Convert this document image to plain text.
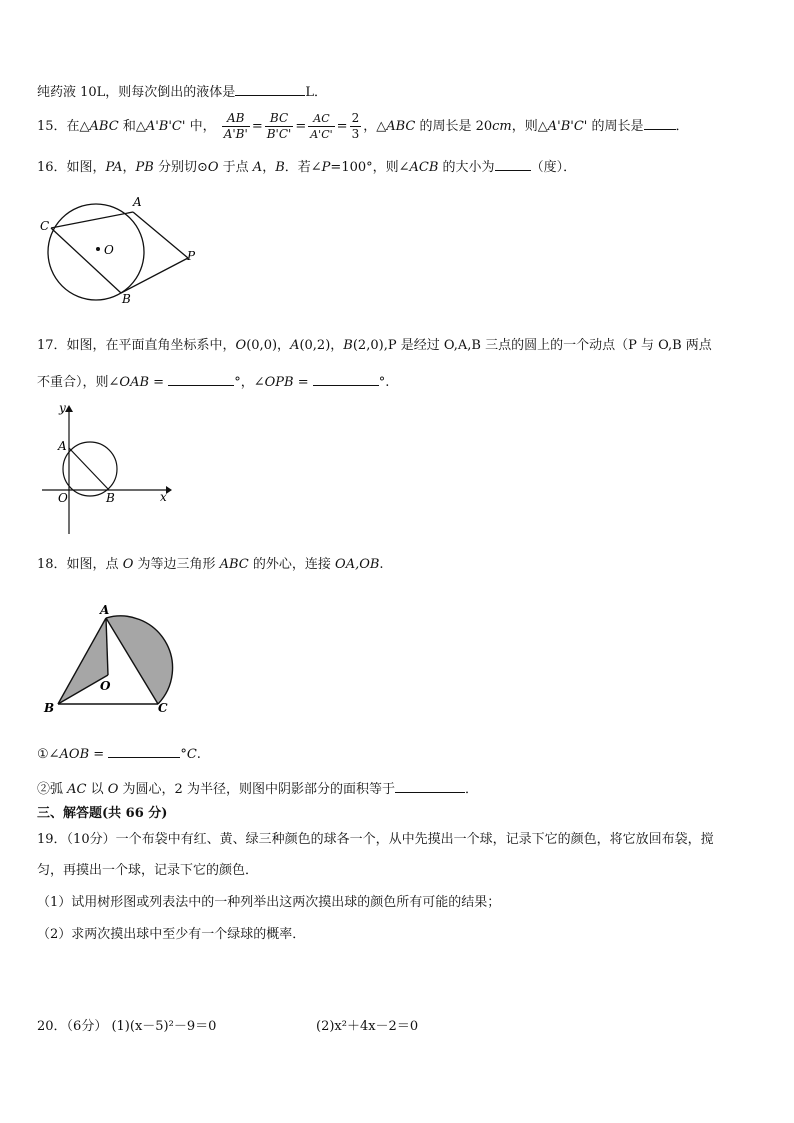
纯药液 10L，则每次倒出的液体是	L．
15．在△ABC 和△A'B'C' 中， $\frac{AB}{A'B'} = \frac{BC}{B'C'} = \frac{AC}{A'C'} = \frac{2}{3}$ ，△ABC 的周长是 20cm，则△A'B'C' 的周长是 ．
16．如图，PA，PB 分别切⊙O 于点 A，B．若∠P=100°，则∠ACB 的大小为	（度）．
O
A
C
P
B
17．如图，在平面直角坐标系中，O(0,0)，A(0,2)，B(2,0),P 是经过 O,A,B 三点的圆上的一个动点（P 与 O,B 两点
不重合），则∠OAB =	°，∠OPB =	°.
y
x
A
O	B
18．如图，点 O 为等边三角形 ABC 的外心，连接 OA,OB.
A
B	C
O
①∠AOB =	°C.
②弧 AC 以 O 为圆心，2 为半径，则图中阴影部分的面积等于	．
三、解答题(共 66 分)
19．（10分）一个布袋中有红、黄、绿三种颜色的球各一个，从中先摸出一个球，记录下它的颜色，将它放回布袋，搅
匀，再摸出一个球，记录下它的颜色．
（1）试用树形图或列表法中的一种列举出这两次摸出球的颜色所有可能的结果；
（2）求两次摸出球中至少有一个绿球的概率．
20．（6分） (1)(x－5)²－9＝0	(2)x²＋4x－2＝0
